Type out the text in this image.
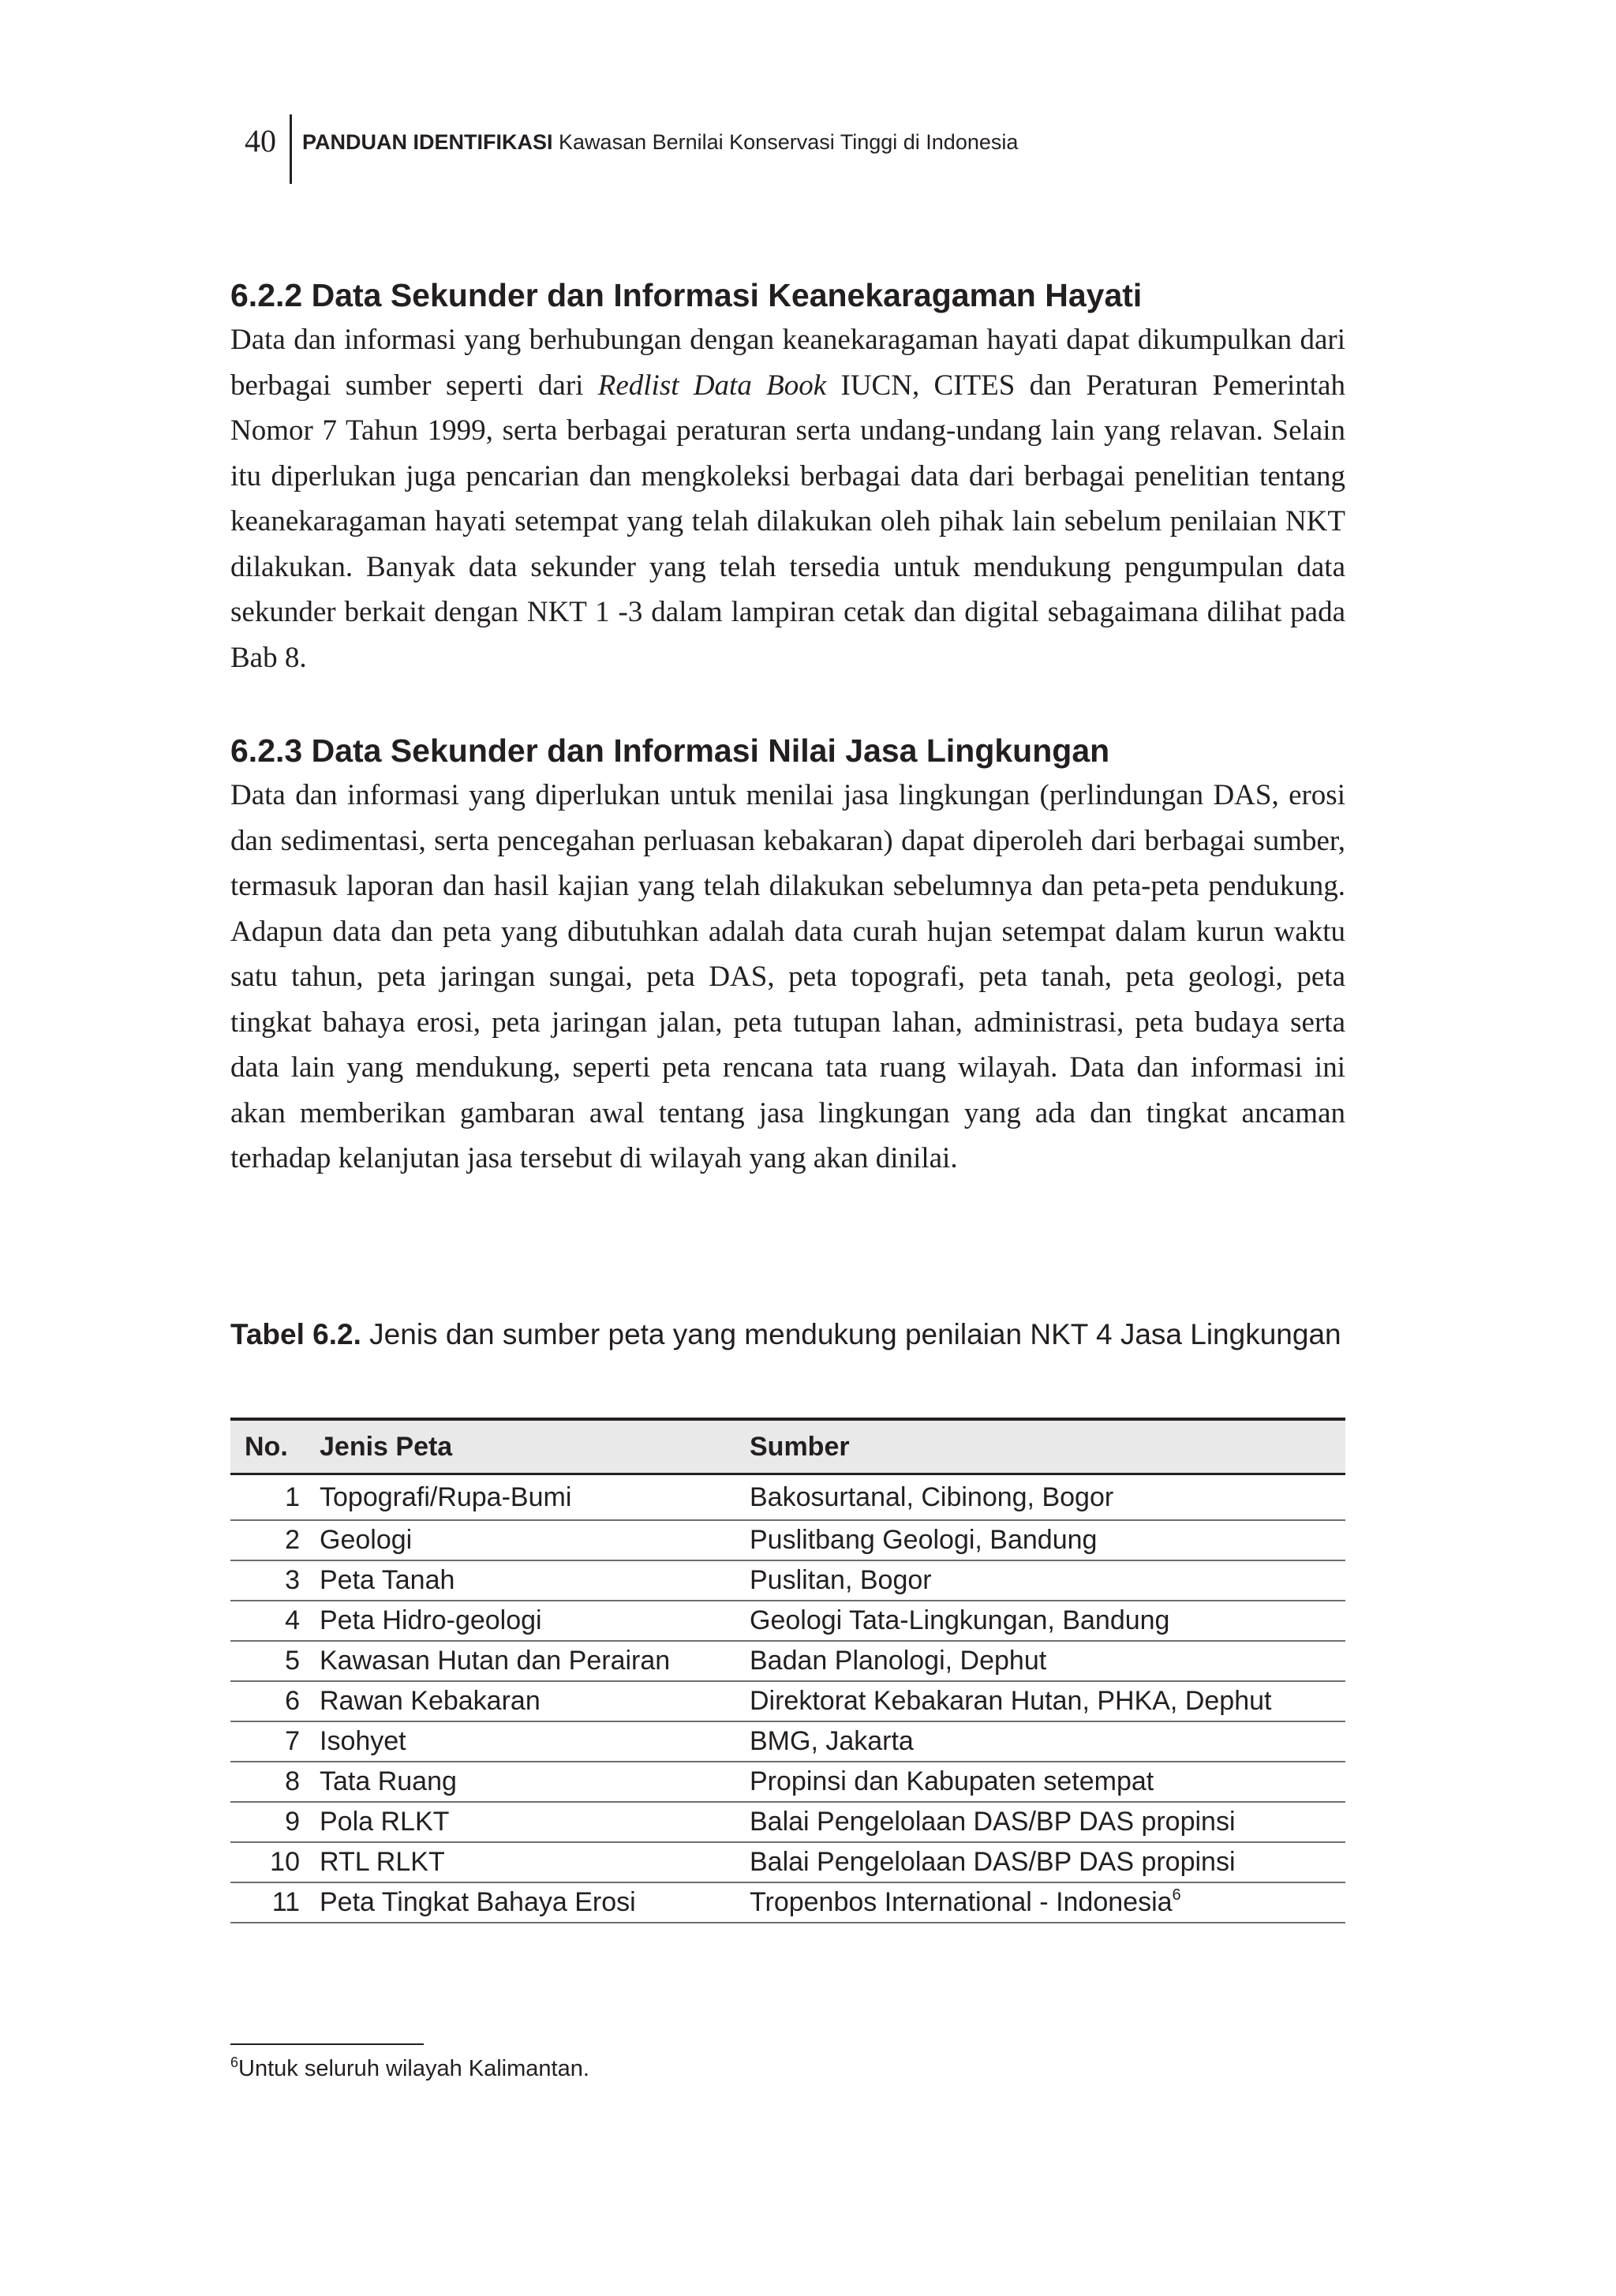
40 PANDUAN IDENTIFIKASI Kawasan Bernilai Konservasi Tinggi di Indonesia
6.2.2 Data Sekunder dan Informasi Keanekaragaman Hayati

Data dan informasi yang berhubungan dengan keanekaragaman hayati dapat dikumpulkan dari berbagai sumber seperti dari Redlist Data Book IUCN, CITES dan Peraturan Pemerintah Nomor 7 Tahun 1999, serta berbagai peraturan serta undang-undang lain yang relavan. Selain itu diperlukan juga pencarian dan mengkoleksi berbagai data dari berbagai penelitian tentang keanekaragaman hayati setempat yang telah dilakukan oleh pihak lain sebelum penilaian NKT dilakukan. Banyak data sekunder yang telah tersedia untuk mendukung pengumpulan data sekunder berkait dengan NKT 1 -3 dalam lampiran cetak dan digital sebagaimana dilihat pada Bab 8.

6.2.3 Data Sekunder dan Informasi Nilai Jasa Lingkungan

Data dan informasi yang diperlukan untuk menilai jasa lingkungan (perlindungan DAS, erosi dan sedimentasi, serta pencegahan perluasan kebakaran) dapat diperoleh dari berbagai sumber, termasuk laporan dan hasil kajian yang telah dilakukan sebelumnya dan peta-peta pendukung. Adapun data dan peta yang dibutuhkan adalah data curah hujan setempat dalam kurun waktu satu tahun, peta jaringan sungai, peta DAS, peta topografi, peta tanah, peta geologi, peta tingkat bahaya erosi, peta jaringan jalan, peta tutupan lahan, administrasi, peta budaya serta data lain yang mendukung, seperti peta rencana tata ruang wilayah. Data dan informasi ini akan memberikan gambaran awal tentang jasa lingkungan yang ada dan tingkat ancaman terhadap kelanjutan jasa tersebut di wilayah yang akan dinilai.

Tabel 6.2. Jenis dan sumber peta yang mendukung penilaian NKT 4 Jasa Lingkungan
No.	Jenis Peta	Sumber
1	Topografi/Rupa-Bumi	Bakosurtanal, Cibinong, Bogor
2	Geologi	Puslitbang Geologi, Bandung
3	Peta Tanah	Puslitan, Bogor
4	Peta Hidro-geologi	Geologi Tata-Lingkungan, Bandung
5	Kawasan Hutan dan Perairan	Badan Planologi, Dephut
6	Rawan Kebakaran	Direktorat Kebakaran Hutan, PHKA, Dephut
7	Isohyet	BMG, Jakarta
8	Tata Ruang	Propinsi dan Kabupaten setempat
9	Pola RLKT	Balai Pengelolaan DAS/BP DAS propinsi
10	RTL RLKT	Balai Pengelolaan DAS/BP DAS propinsi
11	Peta Tingkat Bahaya Erosi	Tropenbos International - Indonesia$^6$
$^6$Untuk seluruh wilayah Kalimantan.
